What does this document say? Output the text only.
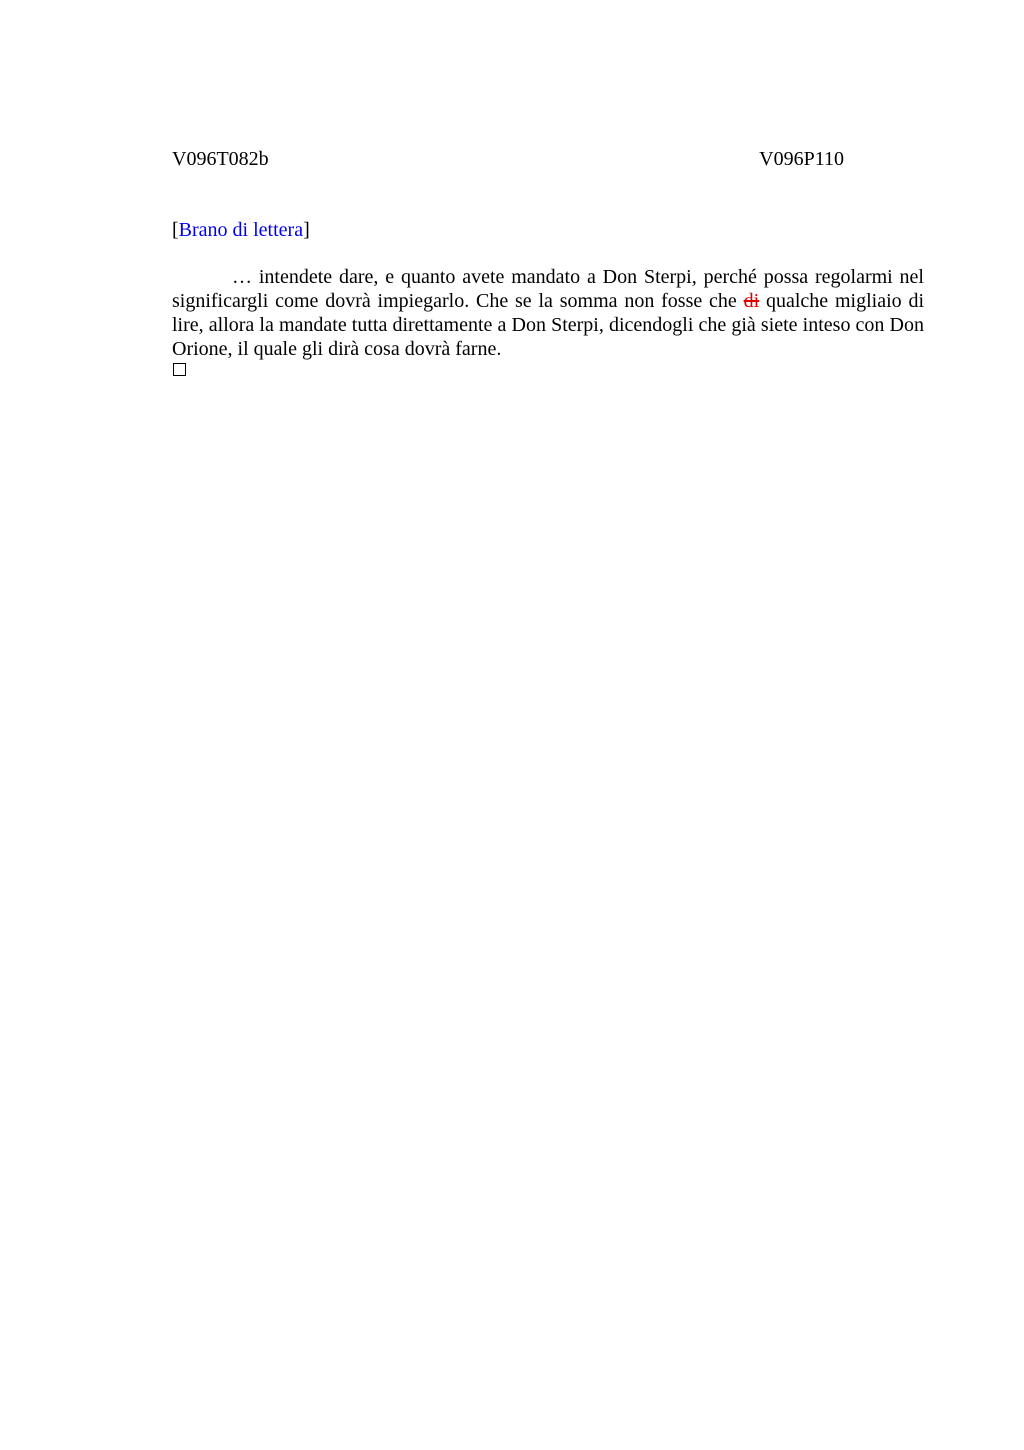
V096T082b	V096P110
[Brano di lettera]
… intendete dare, e quanto avete mandato a Don Sterpi, perché possa regolarmi nel significargli come dovrà impiegarlo. Che se la somma non fosse che di qualche migliaio di lire, allora la mandate tutta direttamente a Don Sterpi, dicendogli che già siete inteso con Don Orione, il quale gli dirà cosa dovrà farne.
